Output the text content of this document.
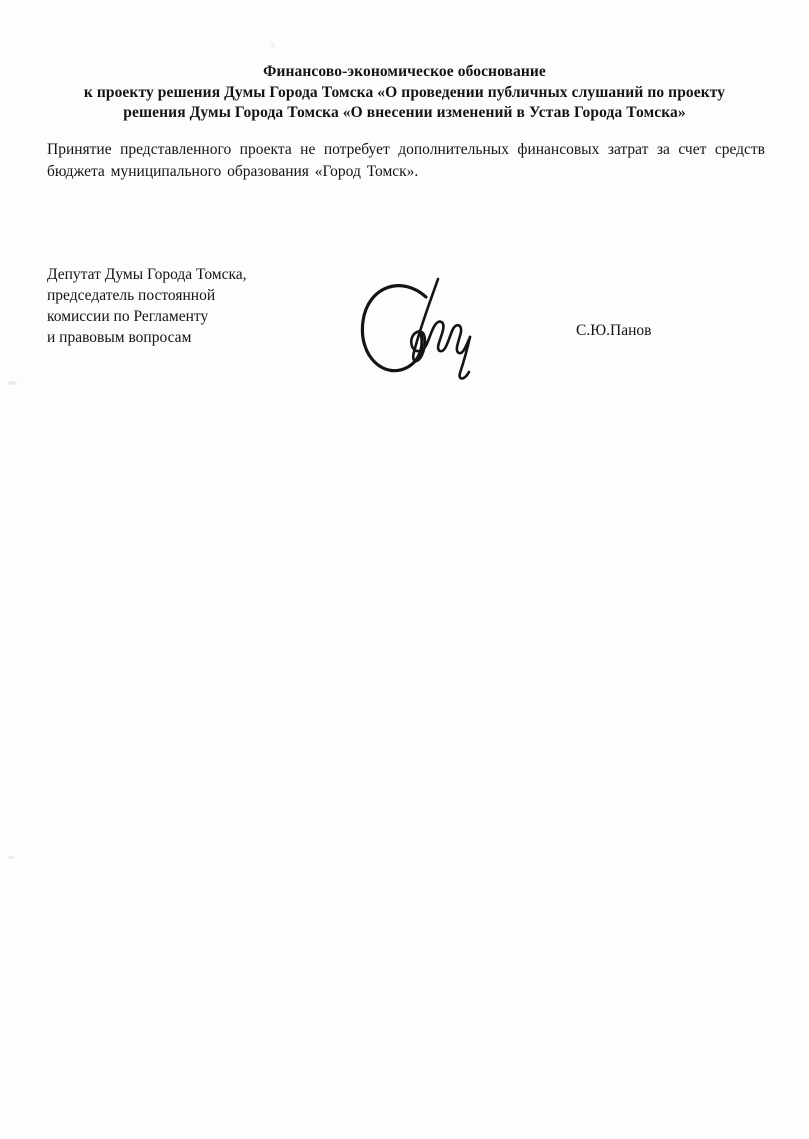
Финансово-экономическое обоснование
к проекту решения Думы Города Томска «О проведении публичных слушаний по проекту
решения Думы Города Томска «О внесении изменений в Устав Города Томска»
Принятие представленного проекта не потребует дополнительных финансовых затрат за счет средств бюджета муниципального образования «Город Томск».
Депутат Думы Города Томска,
председатель постоянной
комиссии по Регламенту
и правовым вопросам	С.Ю.Панов
